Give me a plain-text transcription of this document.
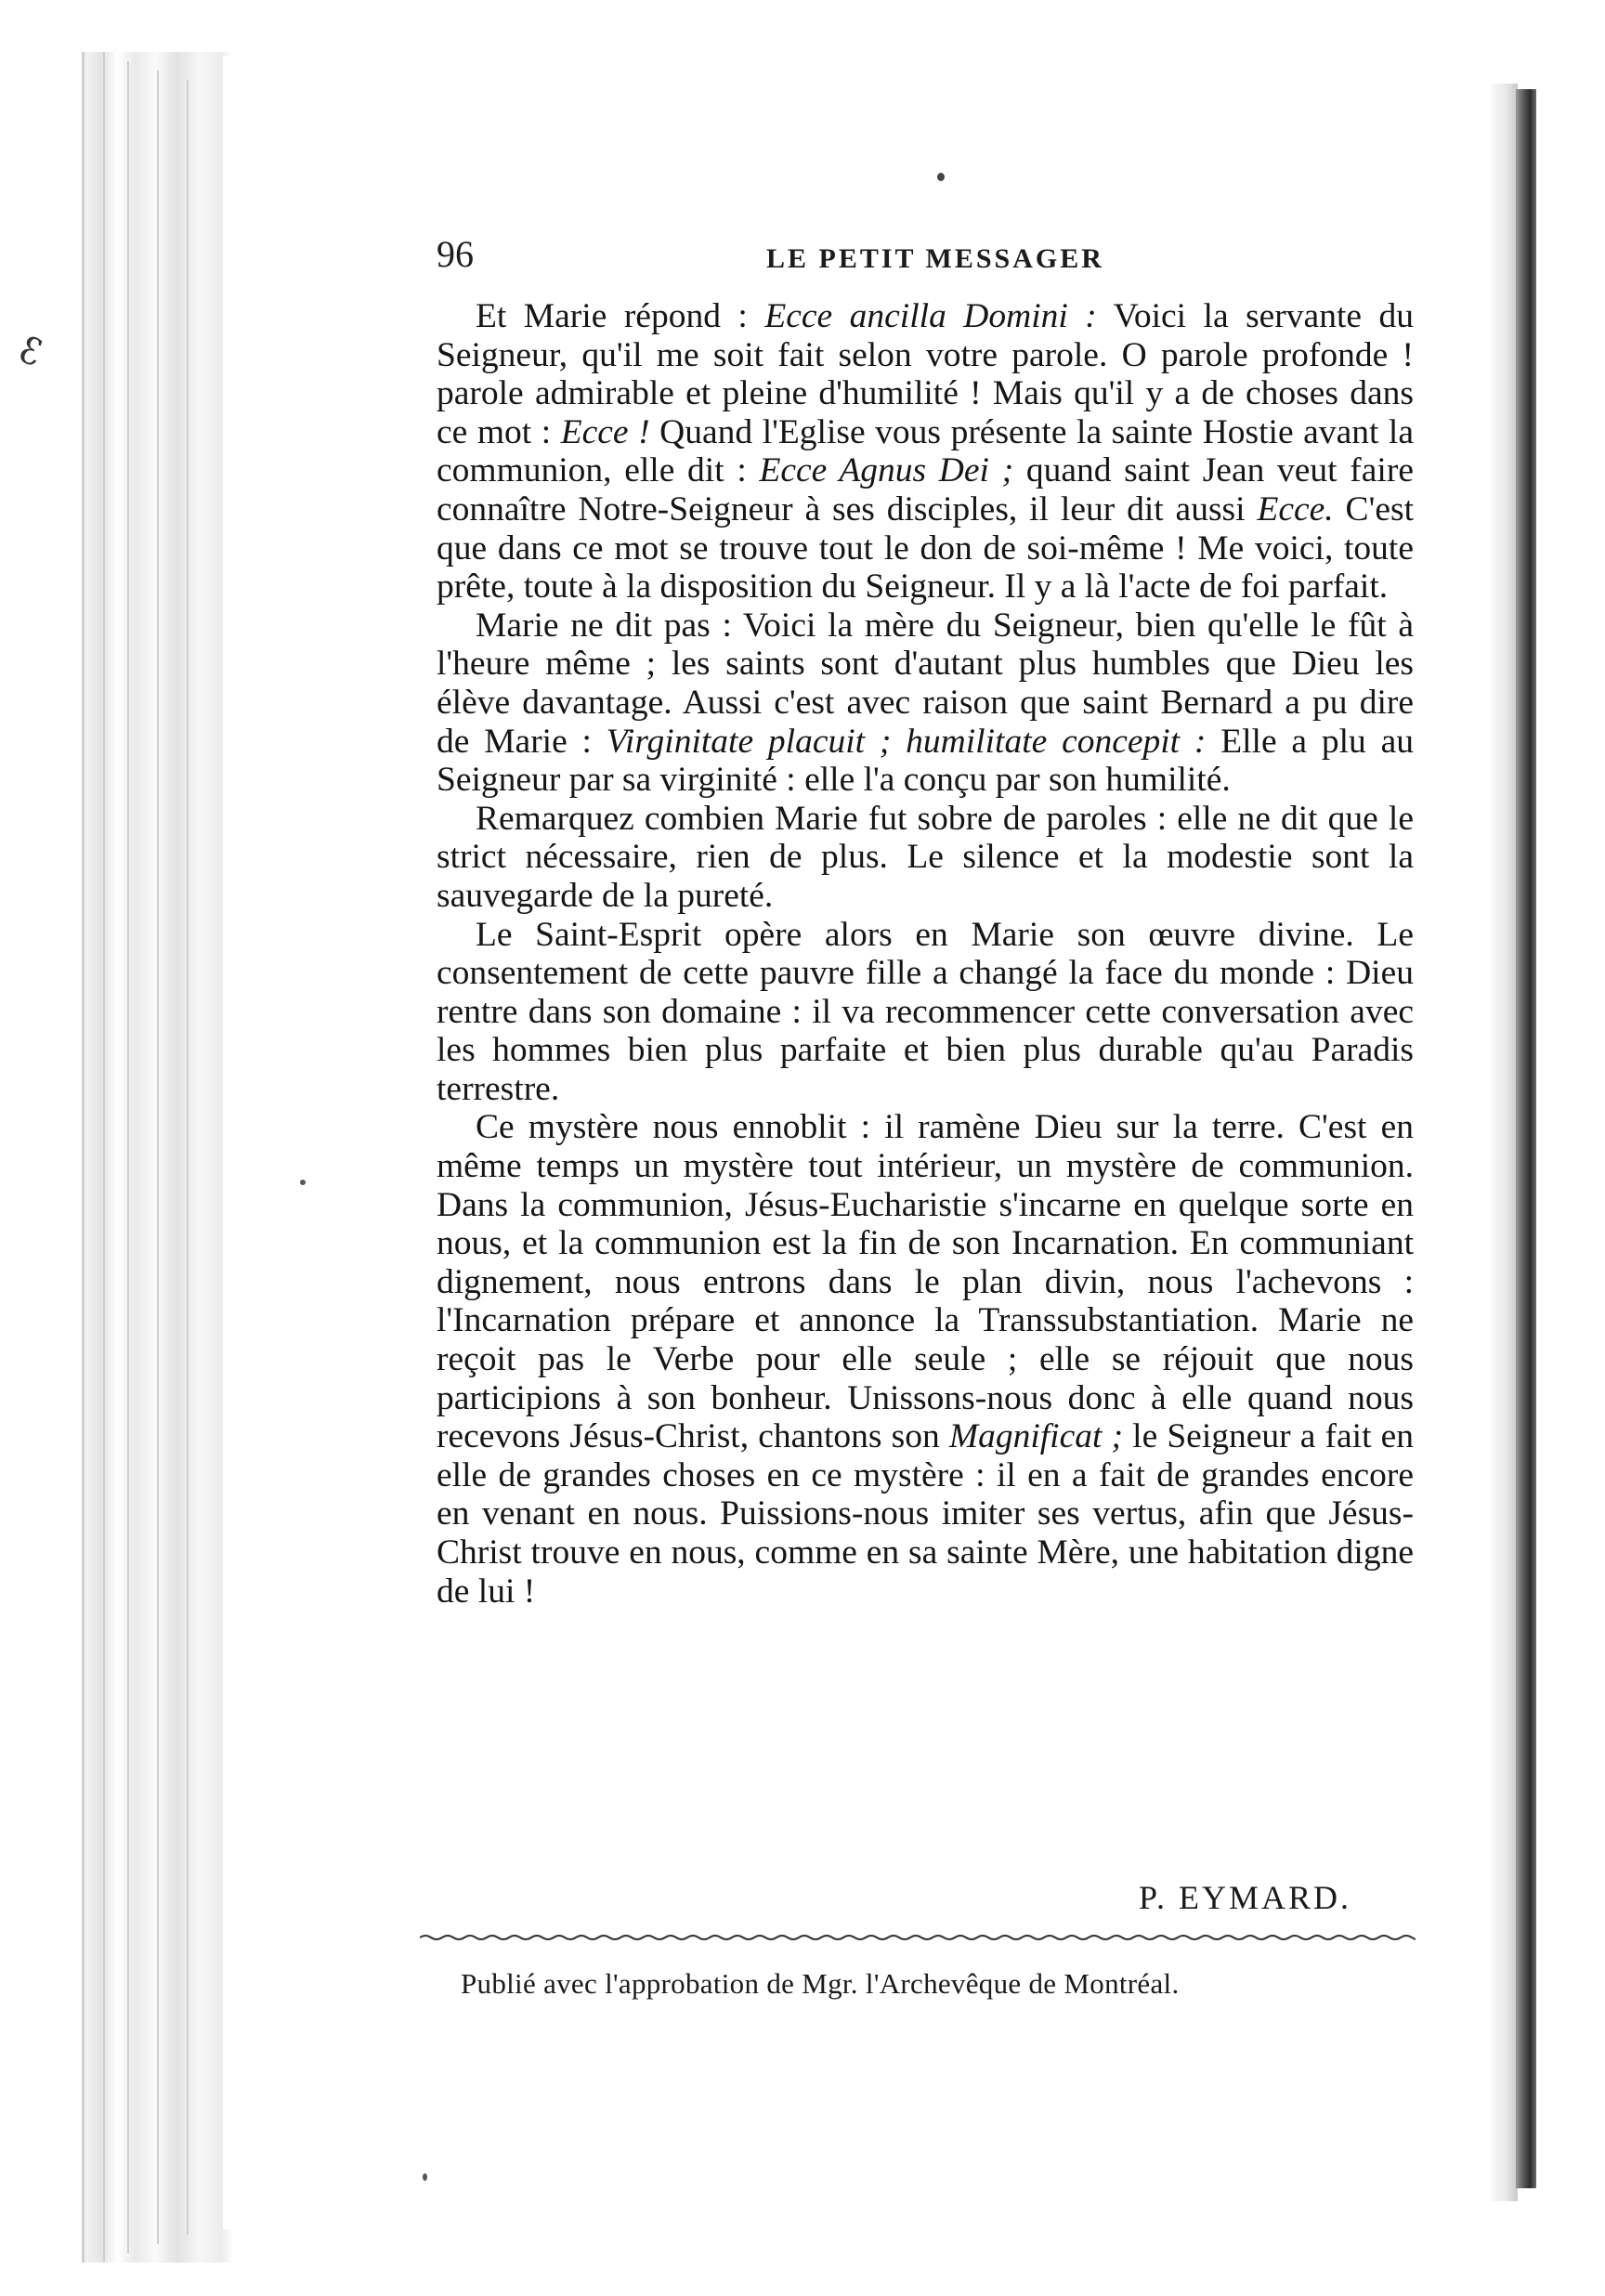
ꜫ
96	LE PETIT MESSAGER

Et Marie répond : Ecce ancilla Domini : Voici la servante du Seigneur, qu'il me soit fait selon votre parole. O parole profonde ! parole admirable et pleine d'humilité ! Mais qu'il y a de choses dans ce mot : Ecce ! Quand l'Eglise vous présente la sainte Hostie avant la communion, elle dit : Ecce Agnus Dei ; quand saint Jean veut faire connaître Notre-Seigneur à ses disciples, il leur dit aussi Ecce. C'est que dans ce mot se trouve tout le don de soi-même ! Me voici, toute prête, toute à la disposition du Seigneur. Il y a là l'acte de foi parfait.

Marie ne dit pas : Voici la mère du Seigneur, bien qu'elle le fût à l'heure même ; les saints sont d'autant plus humbles que Dieu les élève davantage. Aussi c'est avec raison que saint Bernard a pu dire de Marie : Virginitate placuit ; humilitate concepit : Elle a plu au Seigneur par sa virginité : elle l'a conçu par son humilité.

Remarquez combien Marie fut sobre de paroles : elle ne dit que le strict nécessaire, rien de plus. Le silence et la modestie sont la sauvegarde de la pureté.

Le Saint-Esprit opère alors en Marie son œuvre divine. Le consentement de cette pauvre fille a changé la face du monde : Dieu rentre dans son domaine : il va recommencer cette conversation avec les hommes bien plus parfaite et bien plus durable qu'au Paradis terrestre.

Ce mystère nous ennoblit : il ramène Dieu sur la terre. C'est en même temps un mystère tout intérieur, un mystère de communion. Dans la communion, Jésus-Eucharistie s'incarne en quelque sorte en nous, et la communion est la fin de son Incarnation. En communiant dignement, nous entrons dans le plan divin, nous l'achevons : l'Incarnation prépare et annonce la Transsubstantiation. Marie ne reçoit pas le Verbe pour elle seule ; elle se réjouit que nous participions à son bonheur. Unissons-nous donc à elle quand nous recevons Jésus-Christ, chantons son Magnificat ; le Seigneur a fait en elle de grandes choses en ce mystère : il en a fait de grandes encore en venant en nous. Puissions-nous imiter ses vertus, afin que Jésus-Christ trouve en nous, comme en sa sainte Mère, une habitation digne de lui !

P. EYMARD.
Publié avec l'approbation de Mgr. l'Archevêque de Montréal.
